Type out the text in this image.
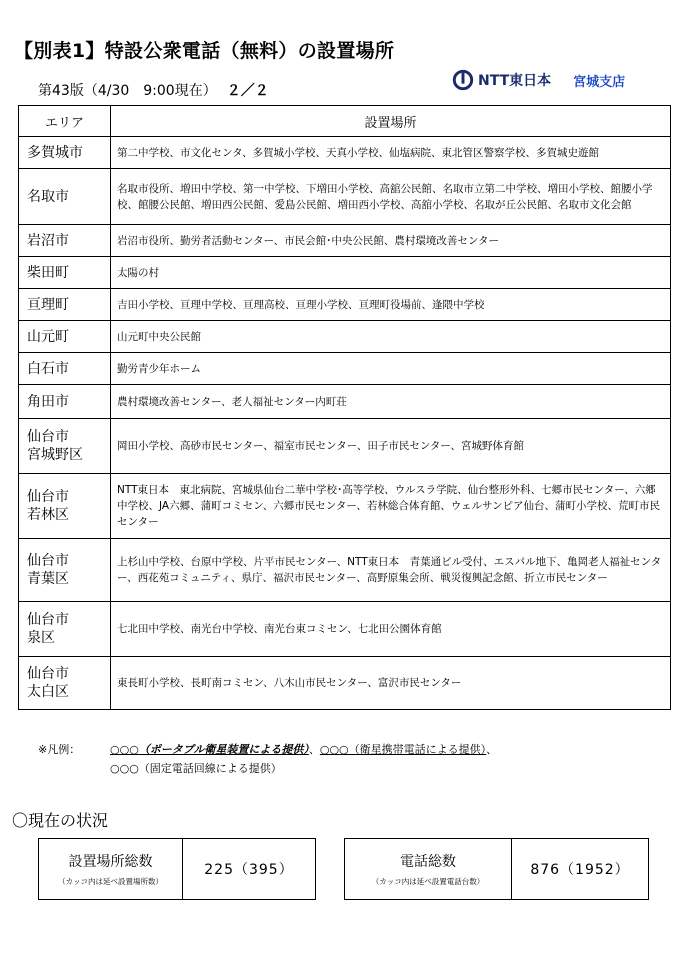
【別表1】特設公衆電話（無料）の設置場所
第43版（4/30　9:00現在） ２／２
NTT東日本 宮城支店
エリア	設置場所

多賀城市	第二中学校、市文化センタ、多賀城小学校、天真小学校、仙塩病院、東北管区警察学校、多賀城史遊館

名取市	名取市役所、増田中学校、第一中学校、下増田小学校、高舘公民館、名取市立第二中学校、増田小学校、館腰小学校、館腰公民館、増田西公民館、愛島公民館、増田西小学校、高舘小学校、名取が丘公民館、名取市文化会館

岩沼市	岩沼市役所、勤労者活動センター、市民会館･中央公民館、農村環境改善センター

柴田町	太陽の村

亘理町	吉田小学校、亘理中学校、亘理高校、亘理小学校、亘理町役場前、逢隈中学校

山元町	山元町中央公民館

白石市	勤労青少年ホーム

角田市	農村環境改善センター、老人福祉センター内町荘

仙台市
宮城野区	岡田小学校、高砂市民センター、福室市民センター、田子市民センター、宮城野体育館

仙台市
若林区	NTT東日本　東北病院、宮城県仙台二華中学校･高等学校、ウルスラ学院、仙台整形外科、七郷市民センター、六郷中学校、JA六郷、蒲町コミセン、六郷市民センター、若林総合体育館、ウェルサンピア仙台、蒲町小学校、荒町市民センター

仙台市
青葉区	上杉山中学校、台原中学校、片平市民センター、NTT東日本　青葉通ビル受付、エスパル地下、亀岡老人福祉センター、西花苑コミュニティ、県庁、福沢市民センター、高野原集会所、戦災復興記念館、折立市民センター

仙台市
泉区	七北田中学校、南光台中学校、南光台東コミセン、七北田公園体育館

仙台市
太白区	東長町小学校、長町南コミセン、八木山市民センター、富沢市民センター
※凡例：	○○○（ポータブル衛星装置による提供）、○○○（衛星携帯電話による提供）、
○○○（固定電話回線による提供）
〇現在の状況
設置場所総数
（カッコ内は延べ設置場所数）
225（395）	電話総数
（カッコ内は延べ設置電話台数）
876（1952）
